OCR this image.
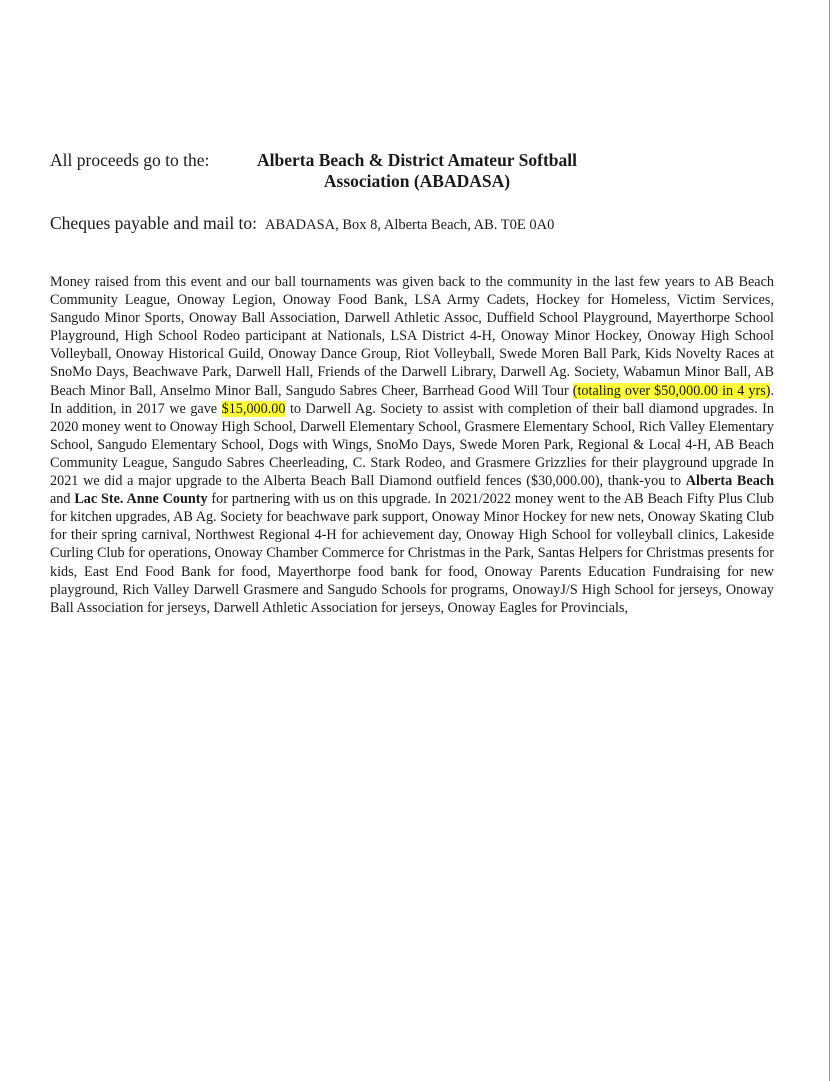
All proceeds go to the:	Alberta Beach & District Amateur Softball
Association (ABADASA)
Cheques payable and mail to: ABADASA, Box 8, Alberta Beach, AB. T0E 0A0

Money raised from this event and our ball tournaments was given back to the community in the last few years to AB Beach Community League, Onoway Legion, Onoway Food Bank, LSA Army Cadets, Hockey for Homeless, Victim Services, Sangudo Minor Sports, Onoway Ball Association, Darwell Athletic Assoc, Duffield School Playground, Mayerthorpe School Playground, High School Rodeo participant at Nationals, LSA District 4-H, Onoway Minor Hockey, Onoway High School Volleyball, Onoway Historical Guild, Onoway Dance Group, Riot Volleyball, Swede Moren Ball Park, Kids Novelty Races at SnoMo Days, Beachwave Park, Darwell Hall, Friends of the Darwell Library, Darwell Ag. Society, Wabamun Minor Ball, AB Beach Minor Ball, Anselmo Minor Ball, Sangudo Sabres Cheer, Barrhead Good Will Tour (totaling over $50,000.00 in 4 yrs). In addition, in 2017 we gave $15,000.00 to Darwell Ag. Society to assist with completion of their ball diamond upgrades. In 2020 money went to Onoway High School, Darwell Elementary School, Grasmere Elementary School, Rich Valley Elementary School, Sangudo Elementary School, Dogs with Wings, SnoMo Days, Swede Moren Park, Regional & Local 4-H, AB Beach Community League, Sangudo Sabres Cheerleading, C. Stark Rodeo, and Grasmere Grizzlies for their playground upgrade In 2021 we did a major upgrade to the Alberta Beach Ball Diamond outfield fences ($30,000.00), thank-you to Alberta Beach and Lac Ste. Anne County for partnering with us on this upgrade. In 2021/2022 money went to the AB Beach Fifty Plus Club for kitchen upgrades, AB Ag. Society for beachwave park support, Onoway Minor Hockey for new nets, Onoway Skating Club for their spring carnival, Northwest Regional 4-H for achievement day, Onoway High School for volleyball clinics, Lakeside Curling Club for operations, Onoway Chamber Commerce for Christmas in the Park, Santas Helpers for Christmas presents for kids, East End Food Bank for food, Mayerthorpe food bank for food, Onoway Parents Education Fundraising for new playground, Rich Valley Darwell Grasmere and Sangudo Schools for programs, OnowayJ/S High School for jerseys, Onoway Ball Association for jerseys, Darwell Athletic Association for jerseys, Onoway Eagles for Provincials,
